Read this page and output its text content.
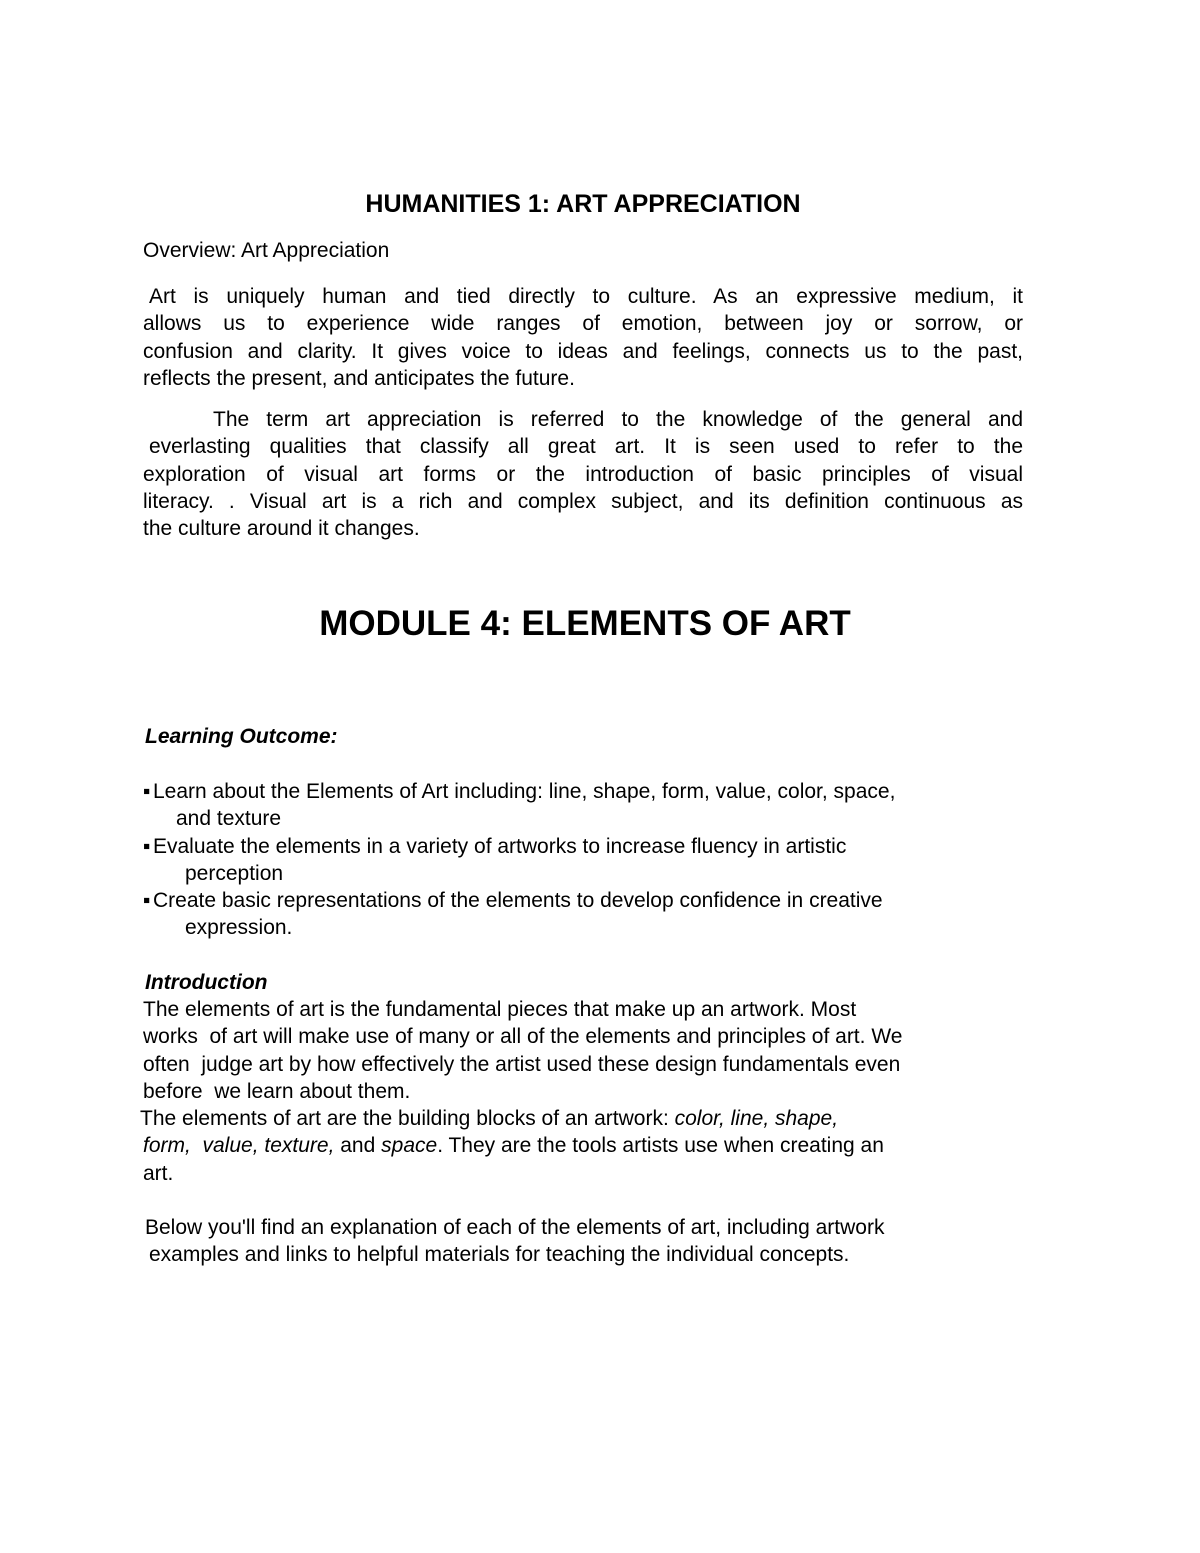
HUMANITIES 1: ART APPRECIATION

Overview: Art Appreciation

Art is uniquely human and tied directly to culture. As an expressive medium, it
allows us to experience wide ranges of emotion, between joy or sorrow, or
confusion and clarity. It gives voice to ideas and feelings, connects us to the past,
reflects the present, and anticipates the future.
The term art appreciation is referred to the knowledge of the general and
everlasting qualities that classify all great art. It is seen used to refer to the
exploration of visual art forms or the introduction of basic principles of visual
literacy. . Visual art is a rich and complex subject, and its definition continuous as
the culture around it changes.
MODULE 4: ELEMENTS OF ART

Learning Outcome:

▪ Learn about the Elements of Art including: line, shape, form, value, color, space,
and texture
▪ Evaluate the elements in a variety of artworks to increase fluency in artistic
perception
▪ Create basic representations of the elements to develop confidence in creative
expression.

Introduction

The elements of art is the fundamental pieces that make up an artwork. Most
works  of art will make use of many or all of the elements and principles of art. We
often  judge art by how effectively the artist used these design fundamentals even
before  we learn about them.
The elements of art are the building blocks of an artwork: color, line, shape,
form,  value, texture, and space. They are the tools artists use when creating an
art.
Below you'll find an explanation of each of the elements of art, including artwork
examples and links to helpful materials for teaching the individual concepts.
